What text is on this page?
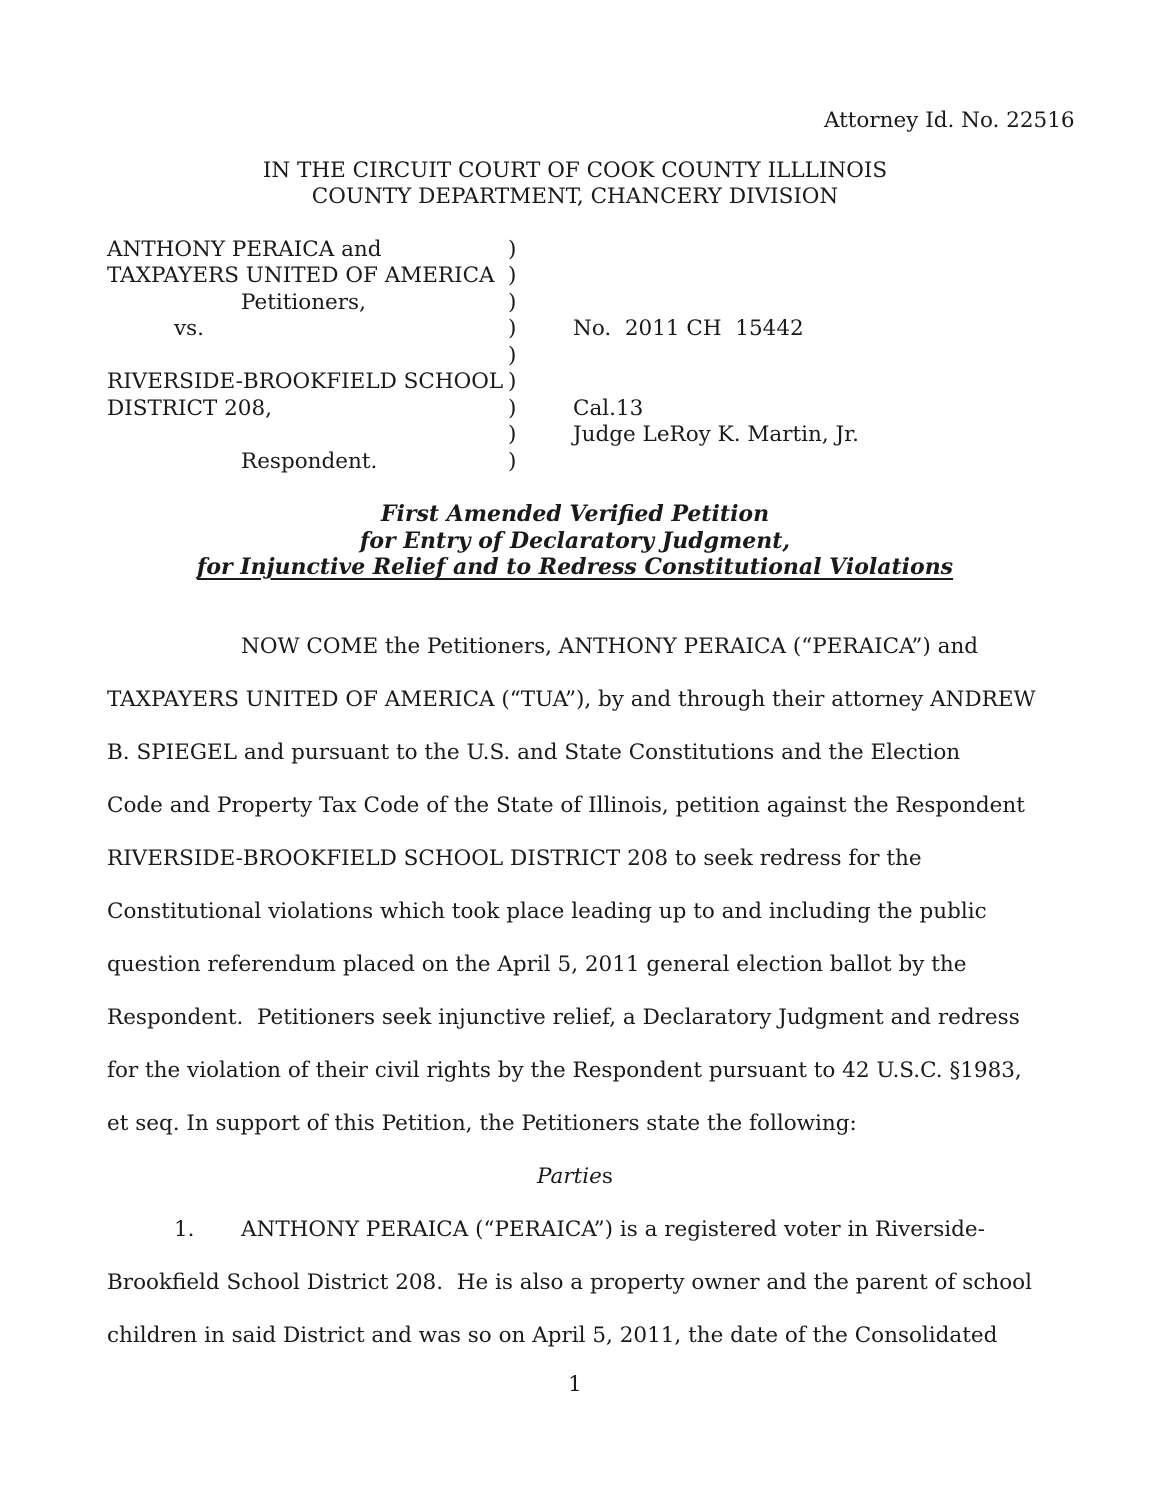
Attorney Id. No. 22516
IN THE CIRCUIT COURT OF COOK COUNTY ILLLINOIS
COUNTY DEPARTMENT, CHANCERY DIVISION
ANTHONY PERAICA and
TAXPAYERS UNITED OF AMERICA
Petitioners,
vs.
RIVERSIDE-BROOKFIELD SCHOOL
DISTRICT 208,
Respondent.
)
)
)
)
)
)
)
)
)
No.  2011 CH  15442
Cal.13
Judge LeRoy K. Martin, Jr.
First Amended Verified Petition
for Entry of Declaratory Judgment,
for Injunctive Relief and to Redress Constitutional Violations
NOW COME the Petitioners, ANTHONY PERAICA (“PERAICA”) and
TAXPAYERS UNITED OF AMERICA (“TUA”), by and through their attorney ANDREW
B. SPIEGEL and pursuant to the U.S. and State Constitutions and the Election
Code and Property Tax Code of the State of Illinois, petition against the Respondent
RIVERSIDE-BROOKFIELD SCHOOL DISTRICT 208 to seek redress for the
Constitutional violations which took place leading up to and including the public
question referendum placed on the April 5, 2011 general election ballot by the
Respondent.  Petitioners seek injunctive relief, a Declaratory Judgment and redress
for the violation of their civil rights by the Respondent pursuant to 42 U.S.C. §1983,
et seq. In support of this Petition, the Petitioners state the following:
Parties
1. ANTHONY PERAICA (“PERAICA”) is a registered voter in Riverside-
Brookfield School District 208.  He is also a property owner and the parent of school
children in said District and was so on April 5, 2011, the date of the Consolidated
1
